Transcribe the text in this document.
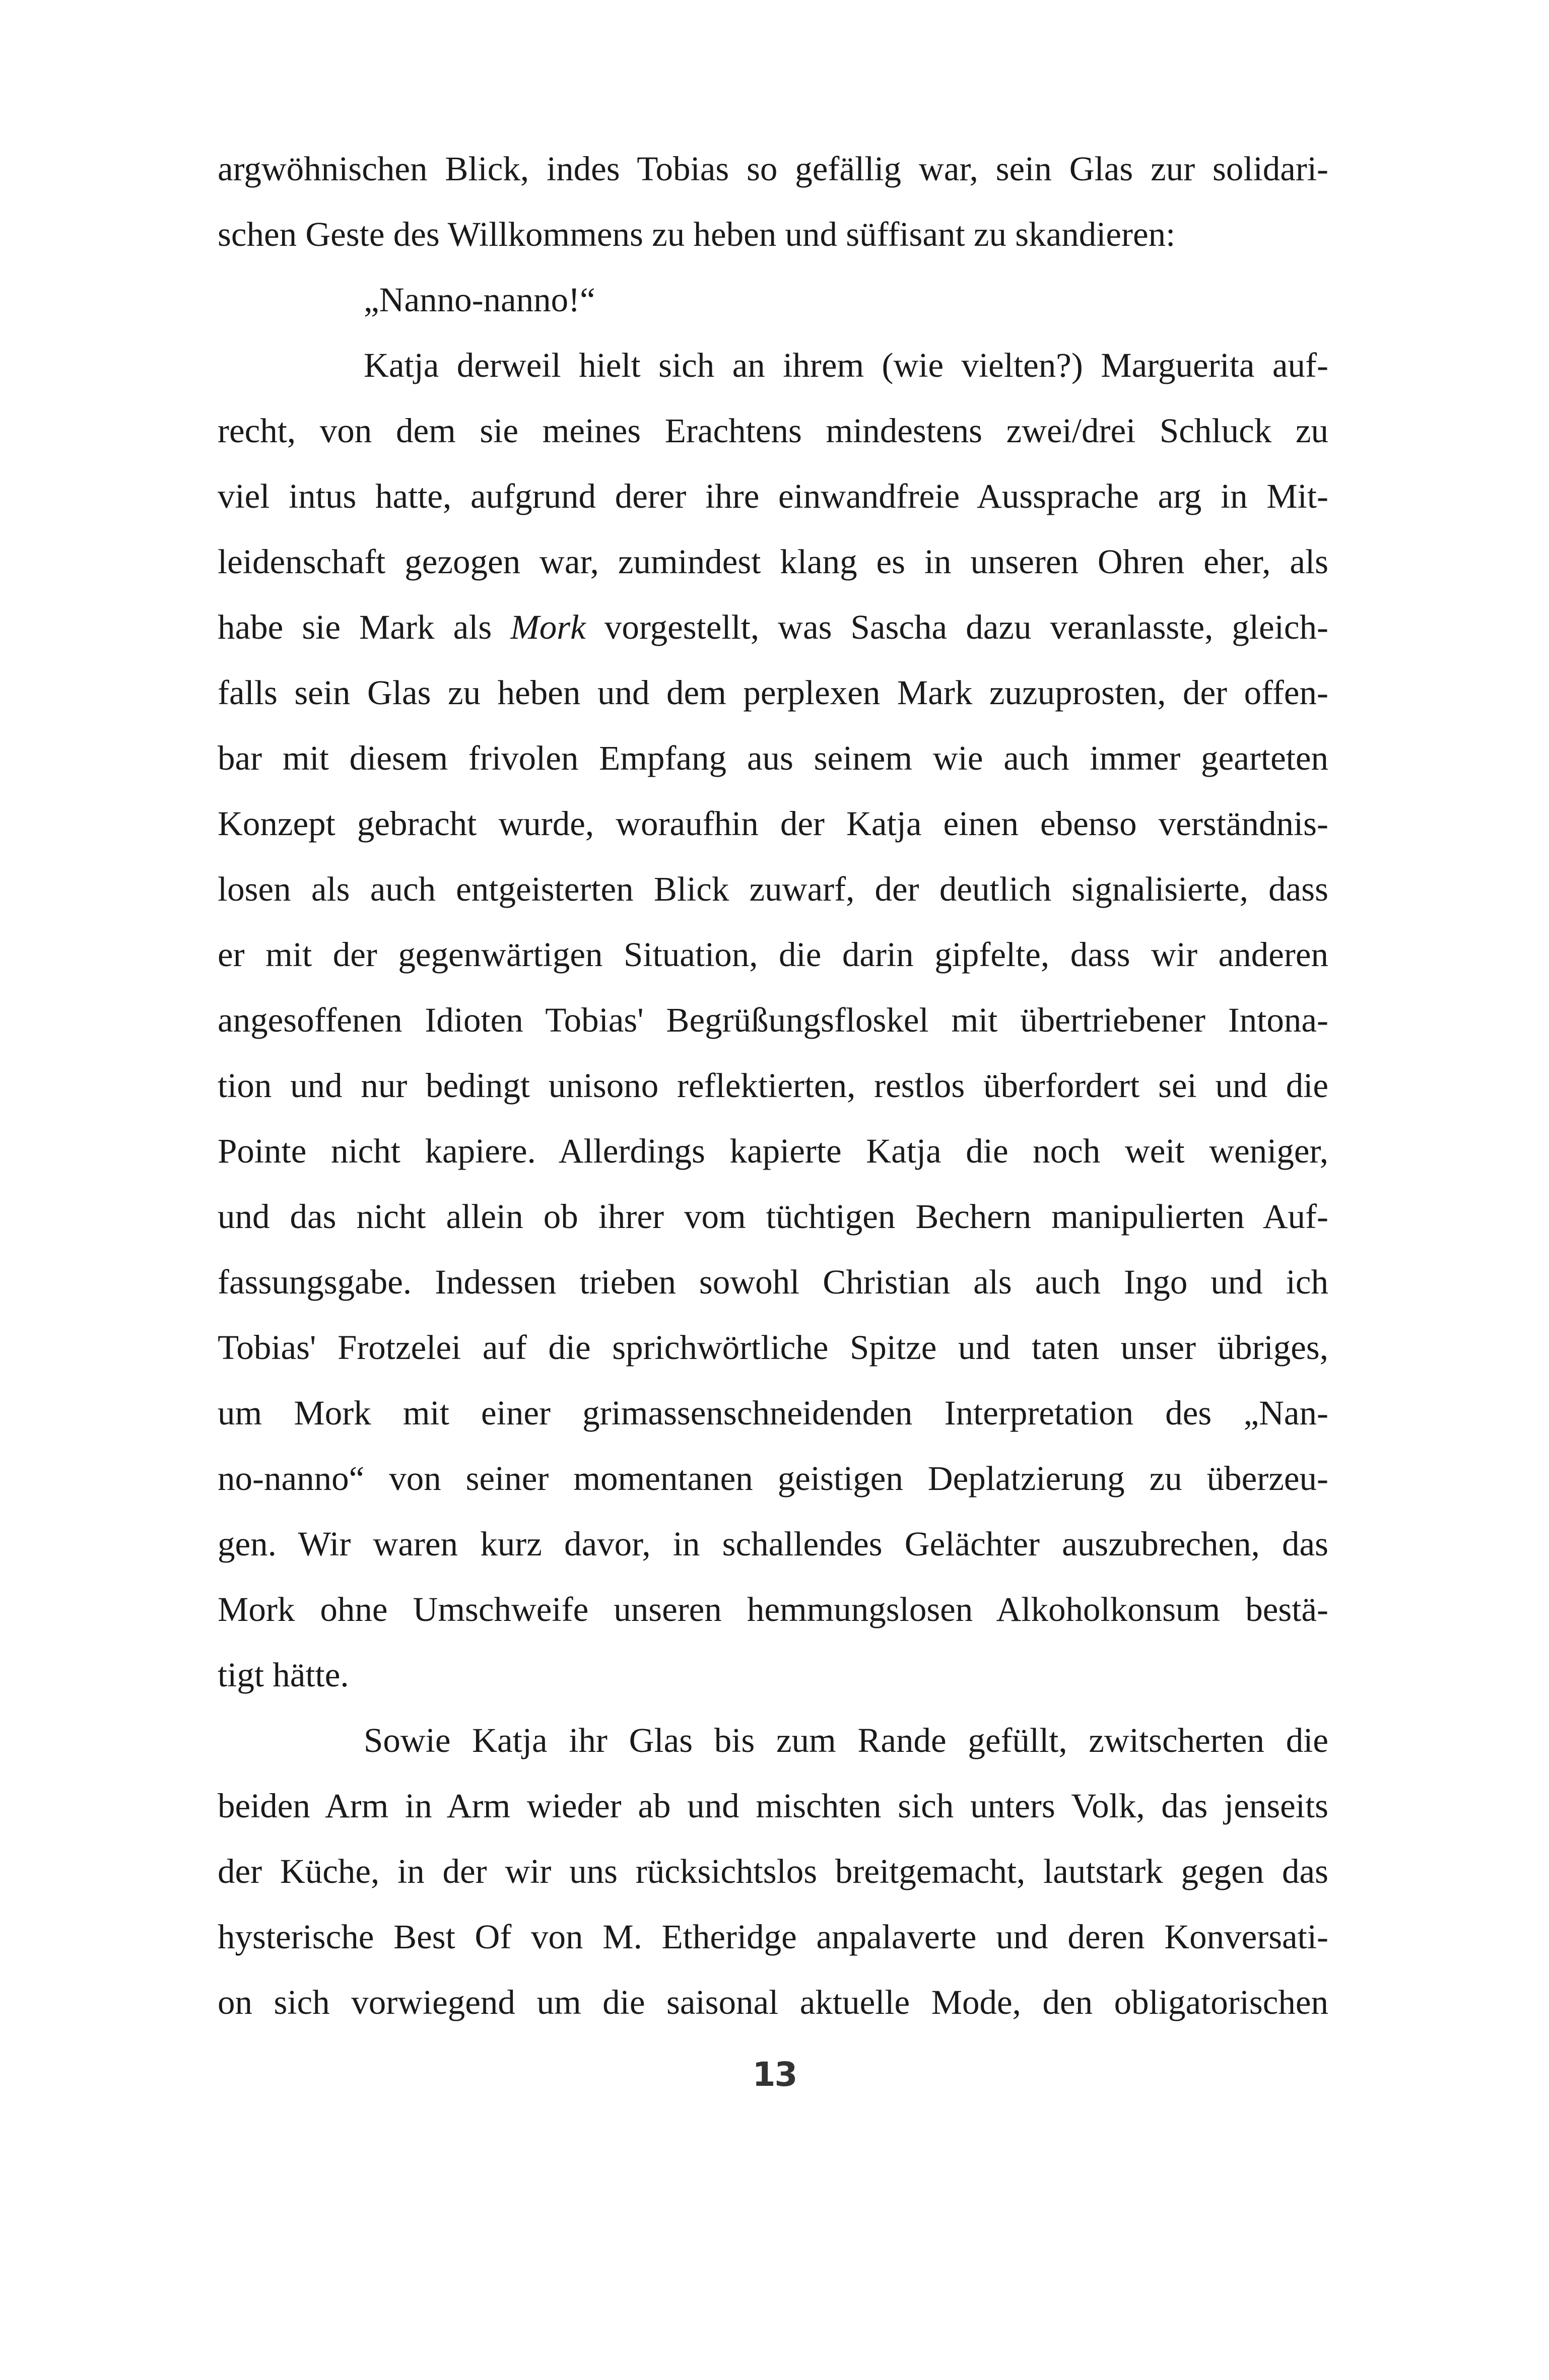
argwöhnischen Blick, indes Tobias so gefällig war, sein Glas zur solidari-
schen Geste des Willkommens zu heben und süffisant zu skandieren:
„Nanno-nanno!“
Katja derweil hielt sich an ihrem (wie vielten?) Marguerita auf-
recht, von dem sie meines Erachtens mindestens zwei/drei Schluck zu
viel intus hatte, aufgrund derer ihre einwandfreie Aussprache arg in Mit-
leidenschaft gezogen war, zumindest klang es in unseren Ohren eher, als
habe sie Mark als Mork vorgestellt, was Sascha dazu veranlasste, gleich-
falls sein Glas zu heben und dem perplexen Mark zuzuprosten, der offen-
bar mit diesem frivolen Empfang aus seinem wie auch immer gearteten
Konzept gebracht wurde, woraufhin der Katja einen ebenso verständnis-
losen als auch entgeisterten Blick zuwarf, der deutlich signalisierte, dass
er mit der gegenwärtigen Situation, die darin gipfelte, dass wir anderen
angesoffenen Idioten Tobias' Begrüßungsfloskel mit übertriebener Intona-
tion und nur bedingt unisono reflektierten, restlos überfordert sei und die
Pointe nicht kapiere. Allerdings kapierte Katja die noch weit weniger,
und das nicht allein ob ihrer vom tüchtigen Bechern manipulierten Auf-
fassungsgabe. Indessen trieben sowohl Christian als auch Ingo und ich
Tobias' Frotzelei auf die sprichwörtliche Spitze und taten unser übriges,
um Mork mit einer grimassenschneidenden Interpretation des „Nan-
no-nanno“ von seiner momentanen geistigen Deplatzierung zu überzeu-
gen. Wir waren kurz davor, in schallendes Gelächter auszubrechen, das
Mork ohne Umschweife unseren hemmungslosen Alkoholkonsum bestä-
tigt hätte.
Sowie Katja ihr Glas bis zum Rande gefüllt, zwitscherten die
beiden Arm in Arm wieder ab und mischten sich unters Volk, das jenseits
der Küche, in der wir uns rücksichtslos breitgemacht, lautstark gegen das
hysterische Best Of von M. Etheridge anpalaverte und deren Konversati-
on sich vorwiegend um die saisonal aktuelle Mode, den obligatorischen
13
